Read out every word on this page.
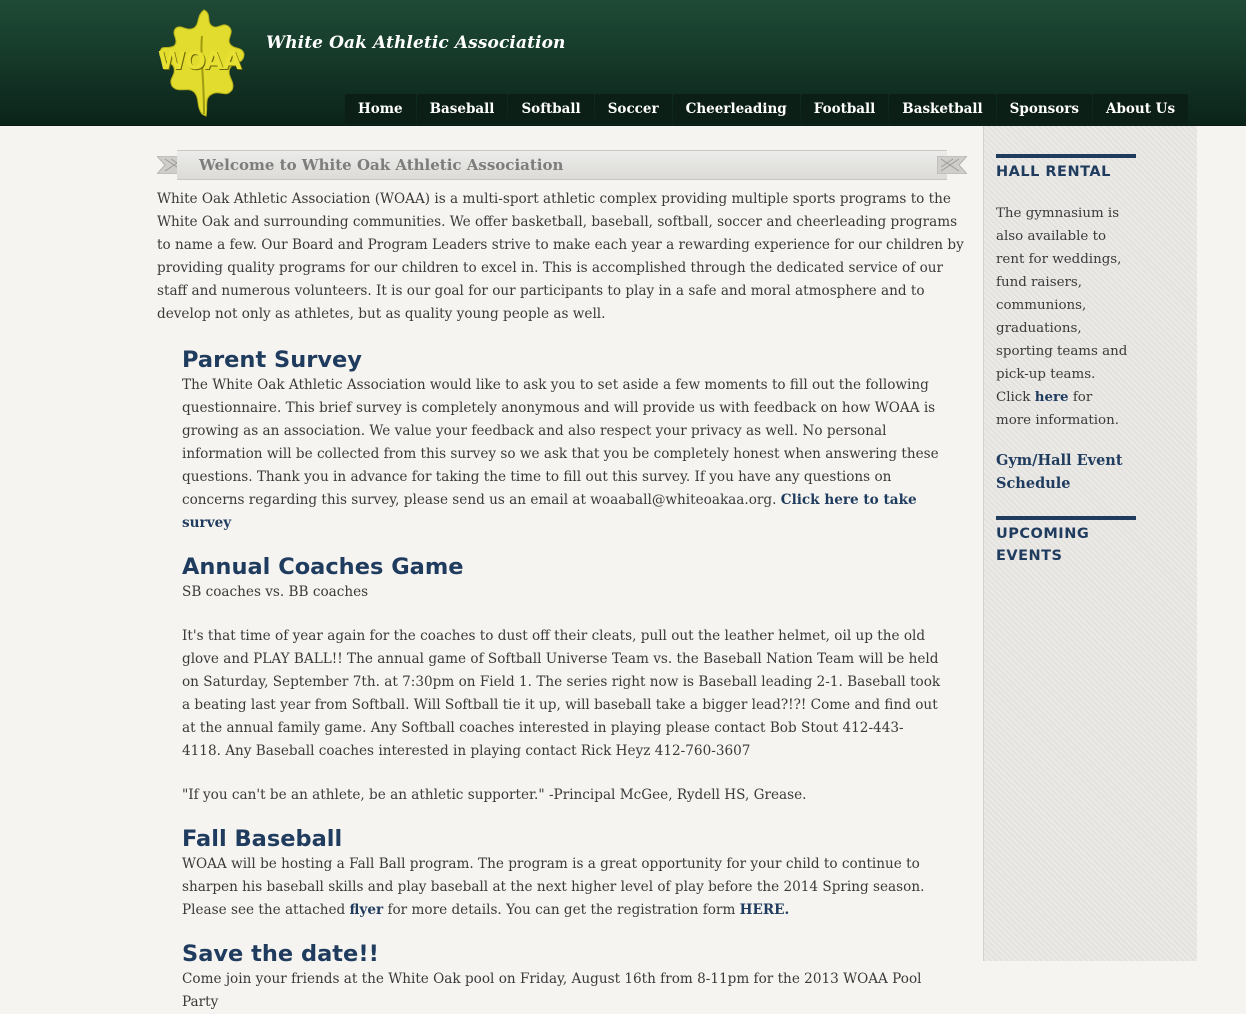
WOAA
White Oak Athletic Association
Home	Baseball	Softball	Soccer	Cheerleading	Football	Basketball	Sponsors	About Us
Welcome to White Oak Athletic Association

White Oak Athletic Association (WOAA) is a multi-sport athletic complex providing multiple sports programs to the White Oak and surrounding communities. We offer basketball, baseball, softball, soccer and cheerleading programs to name a few. Our Board and Program Leaders strive to make each year a rewarding experience for our children by providing quality programs for our children to excel in. This is accomplished through the dedicated service of our staff and numerous volunteers. It is our goal for our participants to play in a safe and moral atmosphere and to develop not only as athletes, but as quality young people as well.

Parent Survey

The White Oak Athletic Association would like to ask you to set aside a few moments to fill out the following questionnaire. This brief survey is completely anonymous and will provide us with feedback on how WOAA is growing as an association. We value your feedback and also respect your privacy as well. No personal information will be collected from this survey so we ask that you be completely honest when answering these questions. Thank you in advance for taking the time to fill out this survey. If you have any questions on concerns regarding this survey, please send us an email at woaaball@whiteoakaa.org. Click here to take survey

Annual Coaches Game

SB coaches vs. BB coaches

It's that time of year again for the coaches to dust off their cleats, pull out the leather helmet, oil up the old glove and PLAY BALL!! The annual game of Softball Universe Team vs. the Baseball Nation Team will be held on Saturday, September 7th. at 7:30pm on Field 1. The series right now is Baseball leading 2-1. Baseball took a beating last year from Softball. Will Softball tie it up, will baseball take a bigger lead?!?! Come and find out at the annual family game. Any Softball coaches interested in playing please contact Bob Stout 412-443-4118. Any Baseball coaches interested in playing contact Rick Heyz 412-760-3607

"If you can't be an athlete, be an athletic supporter." -Principal McGee, Rydell HS, Grease.

Fall Baseball

WOAA will be hosting a Fall Ball program. The program is a great opportunity for your child to continue to sharpen his baseball skills and play baseball at the next higher level of play before the 2014 Spring season. Please see the attached flyer for more details. You can get the registration form HERE.

Save the date!!

Come join your friends at the White Oak pool on Friday, August 16th from 8-11pm for the 2013 WOAA Pool Party

HALL RENTAL
The gymnasium is also available to rent for weddings, fund raisers, communions, graduations, sporting teams and pick-up teams. Click here for more information.
Gym/Hall Event Schedule
UPCOMING EVENTS
